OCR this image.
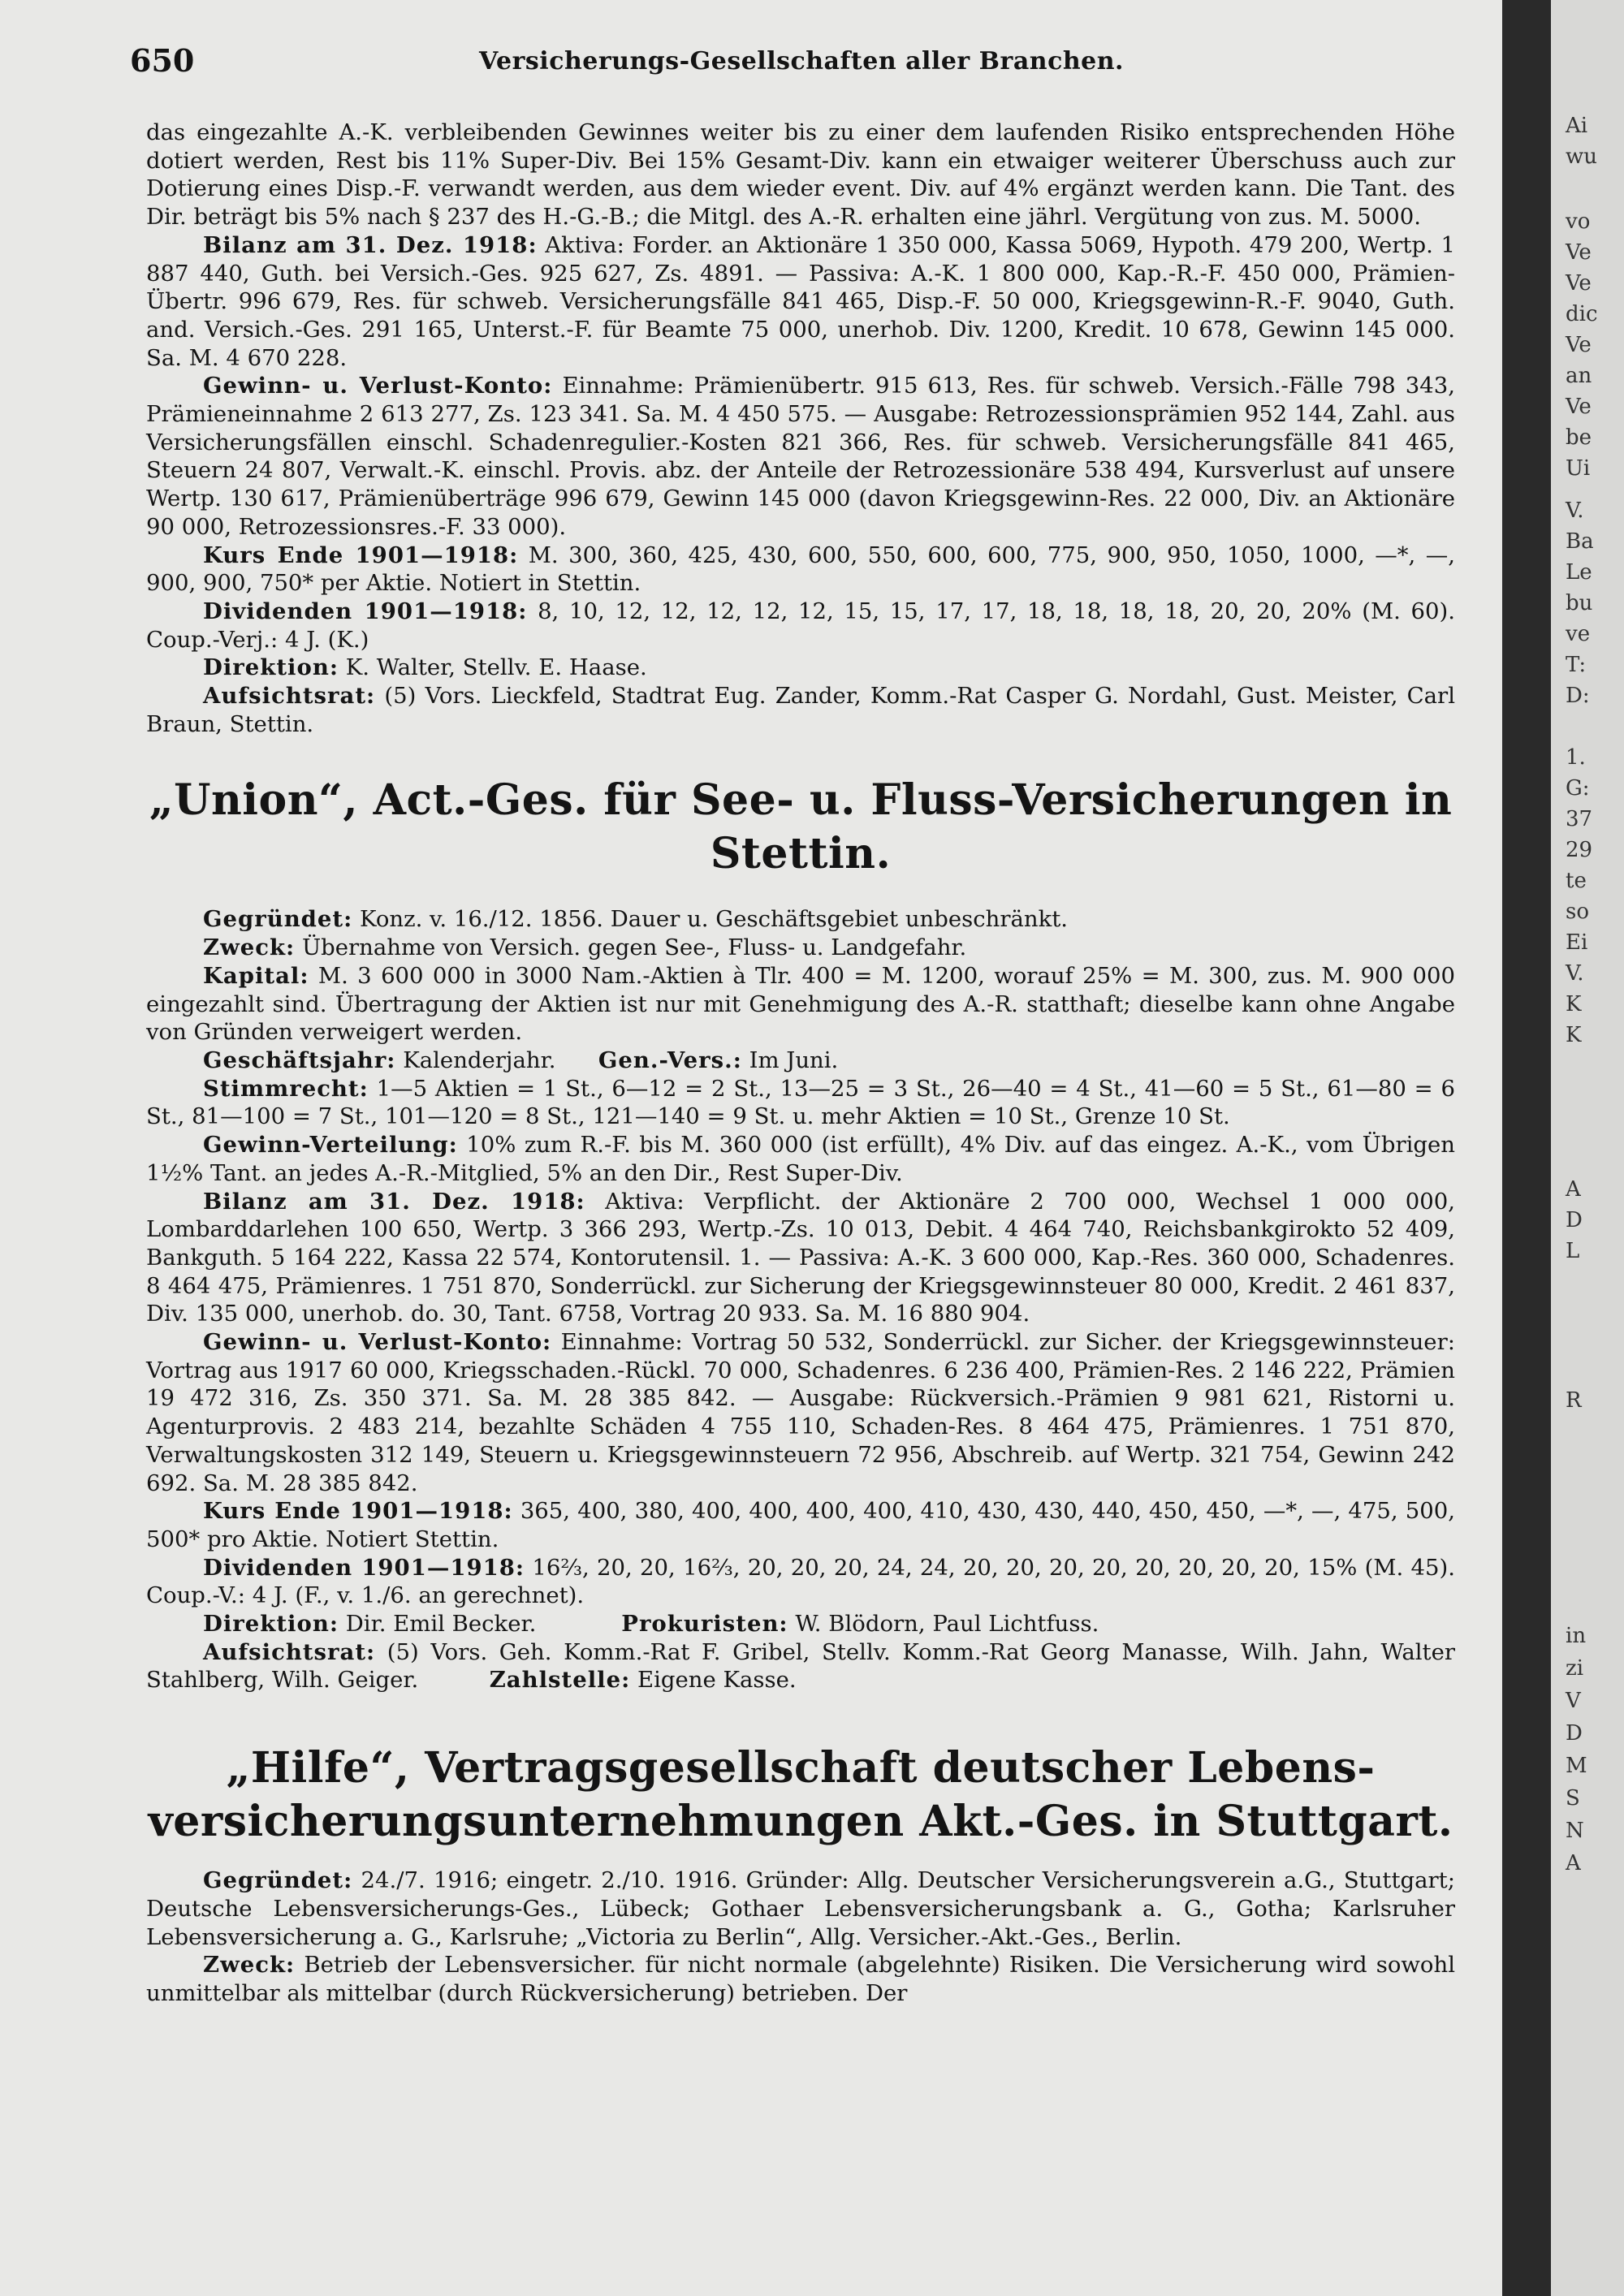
650	Versicherungs-Gesellschaften aller Branchen.

das eingezahlte A.-K. verbleibenden Gewinnes weiter bis zu einer dem laufenden Risiko entsprechenden Höhe dotiert werden, Rest bis 11% Super-Div. Bei 15% Gesamt-Div. kann ein etwaiger weiterer Überschuss auch zur Dotierung eines Disp.-F. verwandt werden, aus dem wieder event. Div. auf 4% ergänzt werden kann. Die Tant. des Dir. beträgt bis 5% nach § 237 des H.-G.-B.; die Mitgl. des A.-R. erhalten eine jährl. Vergütung von zus. M. 5000.

Bilanz am 31. Dez. 1918: Aktiva: Forder. an Aktionäre 1 350 000, Kassa 5069, Hypoth. 479 200, Wertp. 1 887 440, Guth. bei Versich.-Ges. 925 627, Zs. 4891. — Passiva: A.-K. 1 800 000, Kap.-R.-F. 450 000, Prämien-Übertr. 996 679, Res. für schweb. Versicherungsfälle 841 465, Disp.-F. 50 000, Kriegsgewinn-R.-F. 9040, Guth. and. Versich.-Ges. 291 165, Unterst.-F. für Beamte 75 000, unerhob. Div. 1200, Kredit. 10 678, Gewinn 145 000. Sa. M. 4 670 228.

Gewinn- u. Verlust-Konto: Einnahme: Prämienübertr. 915 613, Res. für schweb. Versich.-Fälle 798 343, Prämieneinnahme 2 613 277, Zs. 123 341. Sa. M. 4 450 575. — Ausgabe: Retrozessionsprämien 952 144, Zahl. aus Versicherungsfällen einschl. Schadenregulier.-Kosten 821 366, Res. für schweb. Versicherungsfälle 841 465, Steuern 24 807, Verwalt.-K. einschl. Provis. abz. der Anteile der Retrozessionäre 538 494, Kursverlust auf unsere Wertp. 130 617, Prämienüberträge 996 679, Gewinn 145 000 (davon Kriegsgewinn-Res. 22 000, Div. an Aktionäre 90 000, Retrozessionsres.-F. 33 000).

Kurs Ende 1901—1918: M. 300, 360, 425, 430, 600, 550, 600, 600, 775, 900, 950, 1050, 1000, —*, —, 900, 900, 750* per Aktie. Notiert in Stettin.

Dividenden 1901—1918: 8, 10, 12, 12, 12, 12, 12, 15, 15, 17, 17, 18, 18, 18, 18, 20, 20, 20% (M. 60). Coup.-Verj.: 4 J. (K.)

Direktion: K. Walter, Stellv. E. Haase.

Aufsichtsrat: (5) Vors. Lieckfeld, Stadtrat Eug. Zander, Komm.-Rat Casper G. Nordahl, Gust. Meister, Carl Braun, Stettin.

„Union“, Act.-Ges. für See- u. Fluss-Versicherungen in Stettin.

Gegründet: Konz. v. 16./12. 1856. Dauer u. Geschäftsgebiet unbeschränkt.

Zweck: Übernahme von Versich. gegen See-, Fluss- u. Landgefahr.

Kapital: M. 3 600 000 in 3000 Nam.-Aktien à Tlr. 400 = M. 1200, worauf 25% = M. 300, zus. M. 900 000 eingezahlt sind. Übertragung der Aktien ist nur mit Genehmigung des A.-R. statthaft; dieselbe kann ohne Angabe von Gründen verweigert werden.

Geschäftsjahr: Kalenderjahr. Gen.-Vers.: Im Juni.

Stimmrecht: 1—5 Aktien = 1 St., 6—12 = 2 St., 13—25 = 3 St., 26—40 = 4 St., 41—60 = 5 St., 61—80 = 6 St., 81—100 = 7 St., 101—120 = 8 St., 121—140 = 9 St. u. mehr Aktien = 10 St., Grenze 10 St.

Gewinn-Verteilung: 10% zum R.-F. bis M. 360 000 (ist erfüllt), 4% Div. auf das eingez. A.-K., vom Übrigen 1½% Tant. an jedes A.-R.-Mitglied, 5% an den Dir., Rest Super-Div.

Bilanz am 31. Dez. 1918: Aktiva: Verpflicht. der Aktionäre 2 700 000, Wechsel 1 000 000, Lombarddarlehen 100 650, Wertp. 3 366 293, Wertp.-Zs. 10 013, Debit. 4 464 740, Reichsbankgirokto 52 409, Bankguth. 5 164 222, Kassa 22 574, Kontorutensil. 1. — Passiva: A.-K. 3 600 000, Kap.-Res. 360 000, Schadenres. 8 464 475, Prämienres. 1 751 870, Sonderrückl. zur Sicherung der Kriegsgewinnsteuer 80 000, Kredit. 2 461 837, Div. 135 000, unerhob. do. 30, Tant. 6758, Vortrag 20 933. Sa. M. 16 880 904.

Gewinn- u. Verlust-Konto: Einnahme: Vortrag 50 532, Sonderrückl. zur Sicher. der Kriegsgewinnsteuer: Vortrag aus 1917 60 000, Kriegsschaden.-Rückl. 70 000, Schadenres. 6 236 400, Prämien-Res. 2 146 222, Prämien 19 472 316, Zs. 350 371. Sa. M. 28 385 842. — Ausgabe: Rückversich.-Prämien 9 981 621, Ristorni u. Agenturprovis. 2 483 214, bezahlte Schäden 4 755 110, Schaden-Res. 8 464 475, Prämienres. 1 751 870, Verwaltungskosten 312 149, Steuern u. Kriegsgewinnsteuern 72 956, Abschreib. auf Wertp. 321 754, Gewinn 242 692. Sa. M. 28 385 842.

Kurs Ende 1901—1918: 365, 400, 380, 400, 400, 400, 400, 410, 430, 430, 440, 450, 450, —*, —, 475, 500, 500* pro Aktie. Notiert Stettin.

Dividenden 1901—1918: 16⅔, 20, 20, 16⅔, 20, 20, 20, 24, 24, 20, 20, 20, 20, 20, 20, 20, 20, 15% (M. 45). Coup.-V.: 4 J. (F., v. 1./6. an gerechnet).

Direktion: Dir. Emil Becker.	Prokuristen: W. Blödorn, Paul Lichtfuss.

Aufsichtsrat: (5) Vors. Geh. Komm.-Rat F. Gribel, Stellv. Komm.-Rat Georg Manasse, Wilh. Jahn, Walter Stahlberg, Wilh. Geiger.	Zahlstelle: Eigene Kasse.

„Hilfe“, Vertragsgesellschaft deutscher Lebens-
versicherungsunternehmungen Akt.-Ges. in Stuttgart.

Gegründet: 24./7. 1916; eingetr. 2./10. 1916. Gründer: Allg. Deutscher Versicherungsverein a.G., Stuttgart; Deutsche Lebensversicherungs-Ges., Lübeck; Gothaer Lebensversicherungsbank a. G., Gotha; Karlsruher Lebensversicherung a. G., Karlsruhe; „Victoria zu Berlin“, Allg. Versicher.-Akt.-Ges., Berlin.

Zweck: Betrieb der Lebensversicher. für nicht normale (abgelehnte) Risiken. Die Versicherung wird sowohl unmittelbar als mittelbar (durch Rückversicherung) betrieben. Der

Ai
wu
vo
Ve
Ve
dic
Ve
an
Ve
be
Ui
V.
Ba
Le
bu
ve
T:
D:
1.
G:
37
29
te
so
Ei
V.
K
K
A
D
L
R
in
zi
V
D
M
S
N
A
